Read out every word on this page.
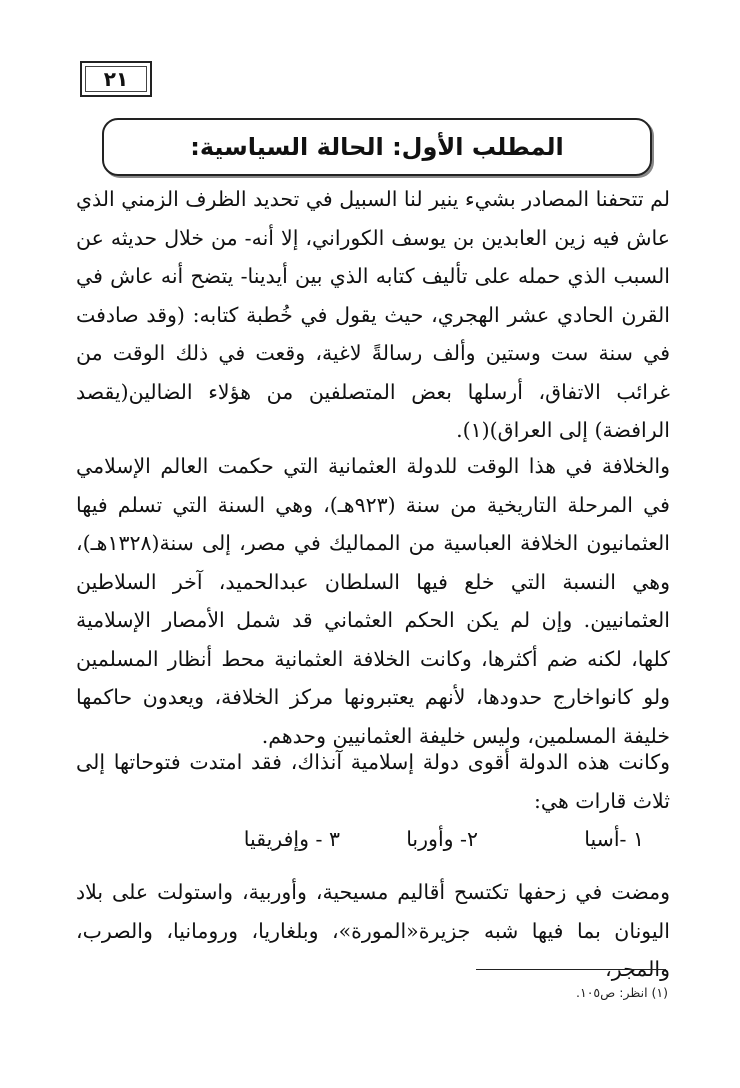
٢١
المطلب الأول: الحالة السياسية:

لم تتحفنا المصادر بشيء ينير لنا السبيل في تحديد الظرف الزمني الذي عاش فيه زين العابدين بن يوسف الكوراني، إلا أنه- من خلال حديثه عن السبب الذي حمله على تأليف كتابه الذي بين أيدينا- يتضح أنه عاش في القرن الحادي عشر الهجري، حيث يقول في خُطبة كتابه: (وقد صادفت في سنة ست وستين وألف رسالةً لاغية، وقعت في ذلك الوقت من غرائب الاتفاق، أرسلها بعض المتصلفين من هؤلاء الضالين(يقصد الرافضة) إلى العراق)(١).

والخلافة في هذا الوقت للدولة العثمانية التي حكمت العالم الإسلامي في المرحلة التاريخية من سنة (٩٢٣هـ)، وهي السنة التي تسلم فيها العثمانيون الخلافة العباسية من المماليك في مصر، إلى سنة(١٣٢٨هـ)، وهي النسبة التي خلع فيها السلطان عبدالحميد، آخر السلاطين العثمانيين. وإن لم يكن الحكم العثماني قد شمل الأمصار الإسلامية كلها، لكنه ضم أكثرها، وكانت الخلافة العثمانية محط أنظار المسلمين ولو كانواخارج حدودها، لأنهم يعتبرونها مركز الخلافة، ويعدون حاكمها خليفة المسلمين، وليس خليفة العثمانيين وحدهم.

وكانت هذه الدولة أقوى دولة إسلامية آنذاك، فقد امتدت فتوحاتها إلى ثلاث قارات هي:

١ -أسيا
٢- وأوربا
٣ - وإفريقيا

ومضت في زحفها تكتسح أقاليم مسيحية، وأوربية، واستولت على بلاد اليونان بما فيها شبه جزيرة«المورة»، وبلغاريا، ورومانيا، والصرب، والمجر،

(١) انظر: ص١٠٥.
